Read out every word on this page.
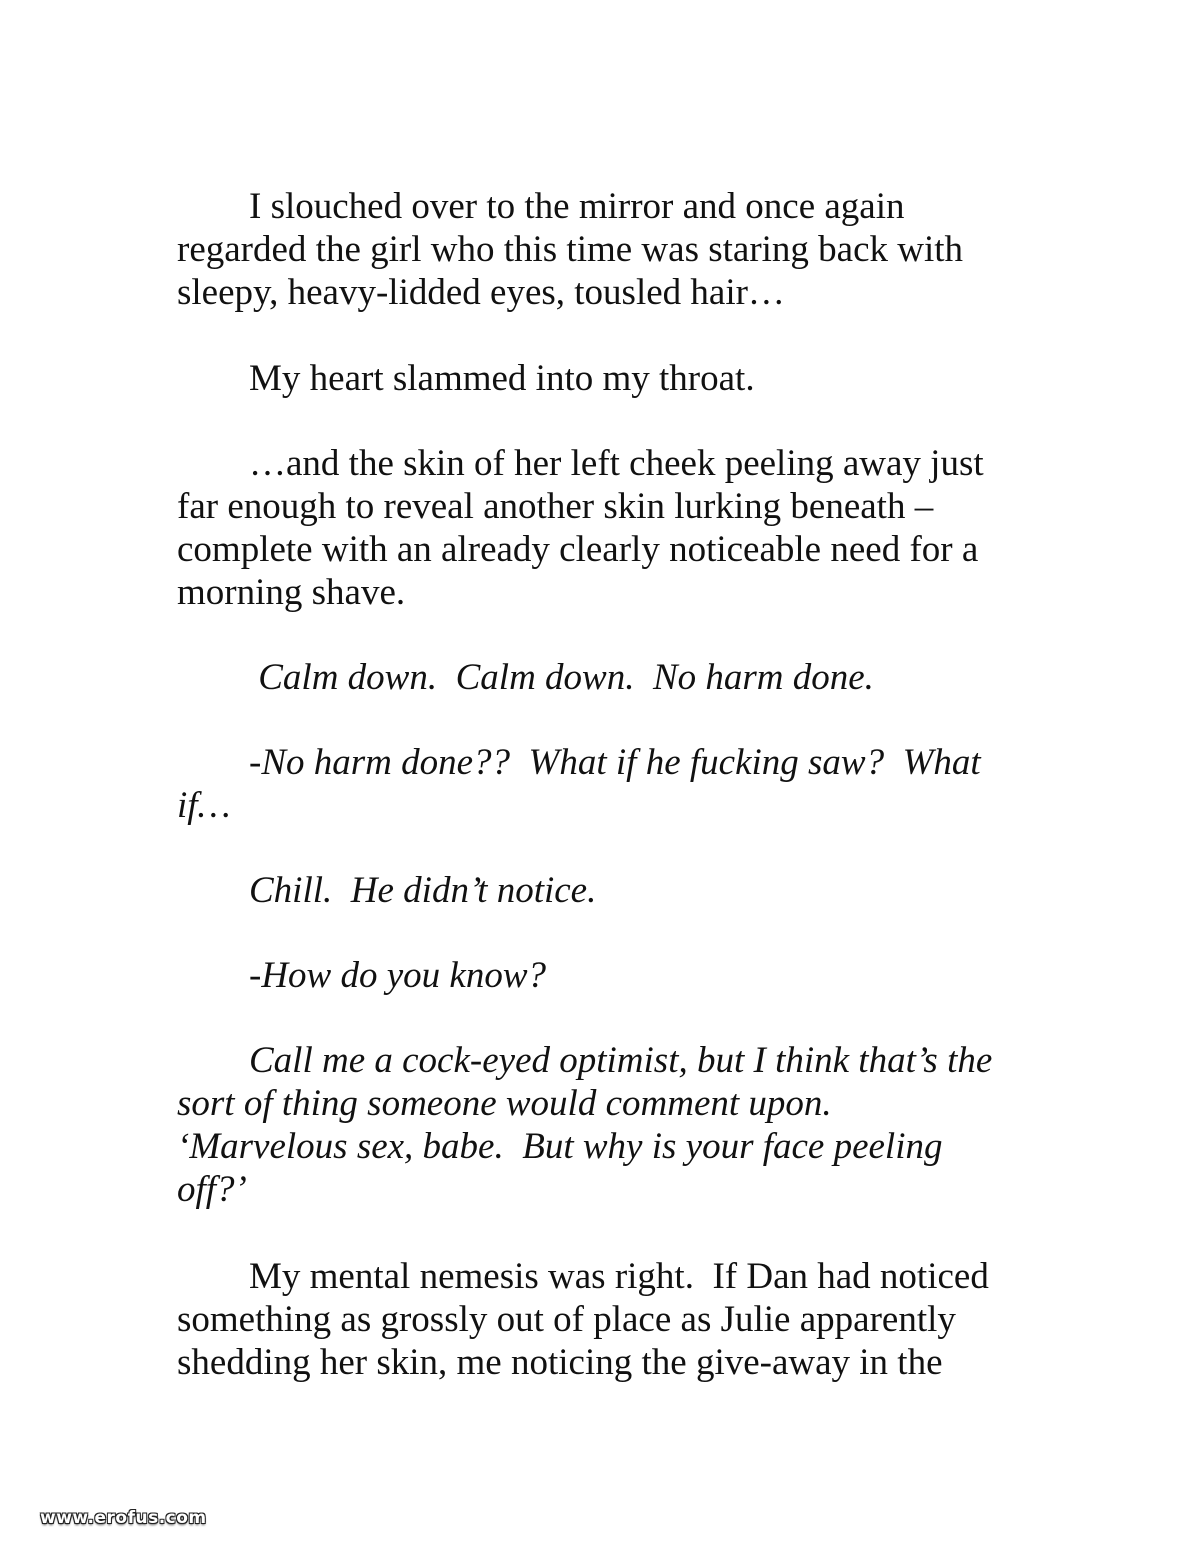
I slouched over to the mirror and once again
regarded the girl who this time was staring back with
sleepy, heavy-lidded eyes, tousled hair…

My heart slammed into my throat.

…and the skin of her left cheek peeling away just
far enough to reveal another skin lurking beneath –
complete with an already clearly noticeable need for a
morning shave.

Calm down.  Calm down.  No harm done.

-No harm done??  What if he fucking saw?  What
if…

Chill.  He didn’t notice.

-How do you know?

Call me a cock-eyed optimist, but I think that’s the
sort of thing someone would comment upon.
‘Marvelous sex, babe.  But why is your face peeling
off?’

My mental nemesis was right.  If Dan had noticed
something as grossly out of place as Julie apparently
shedding her skin, me noticing the give-away in the

www.erofus.com
